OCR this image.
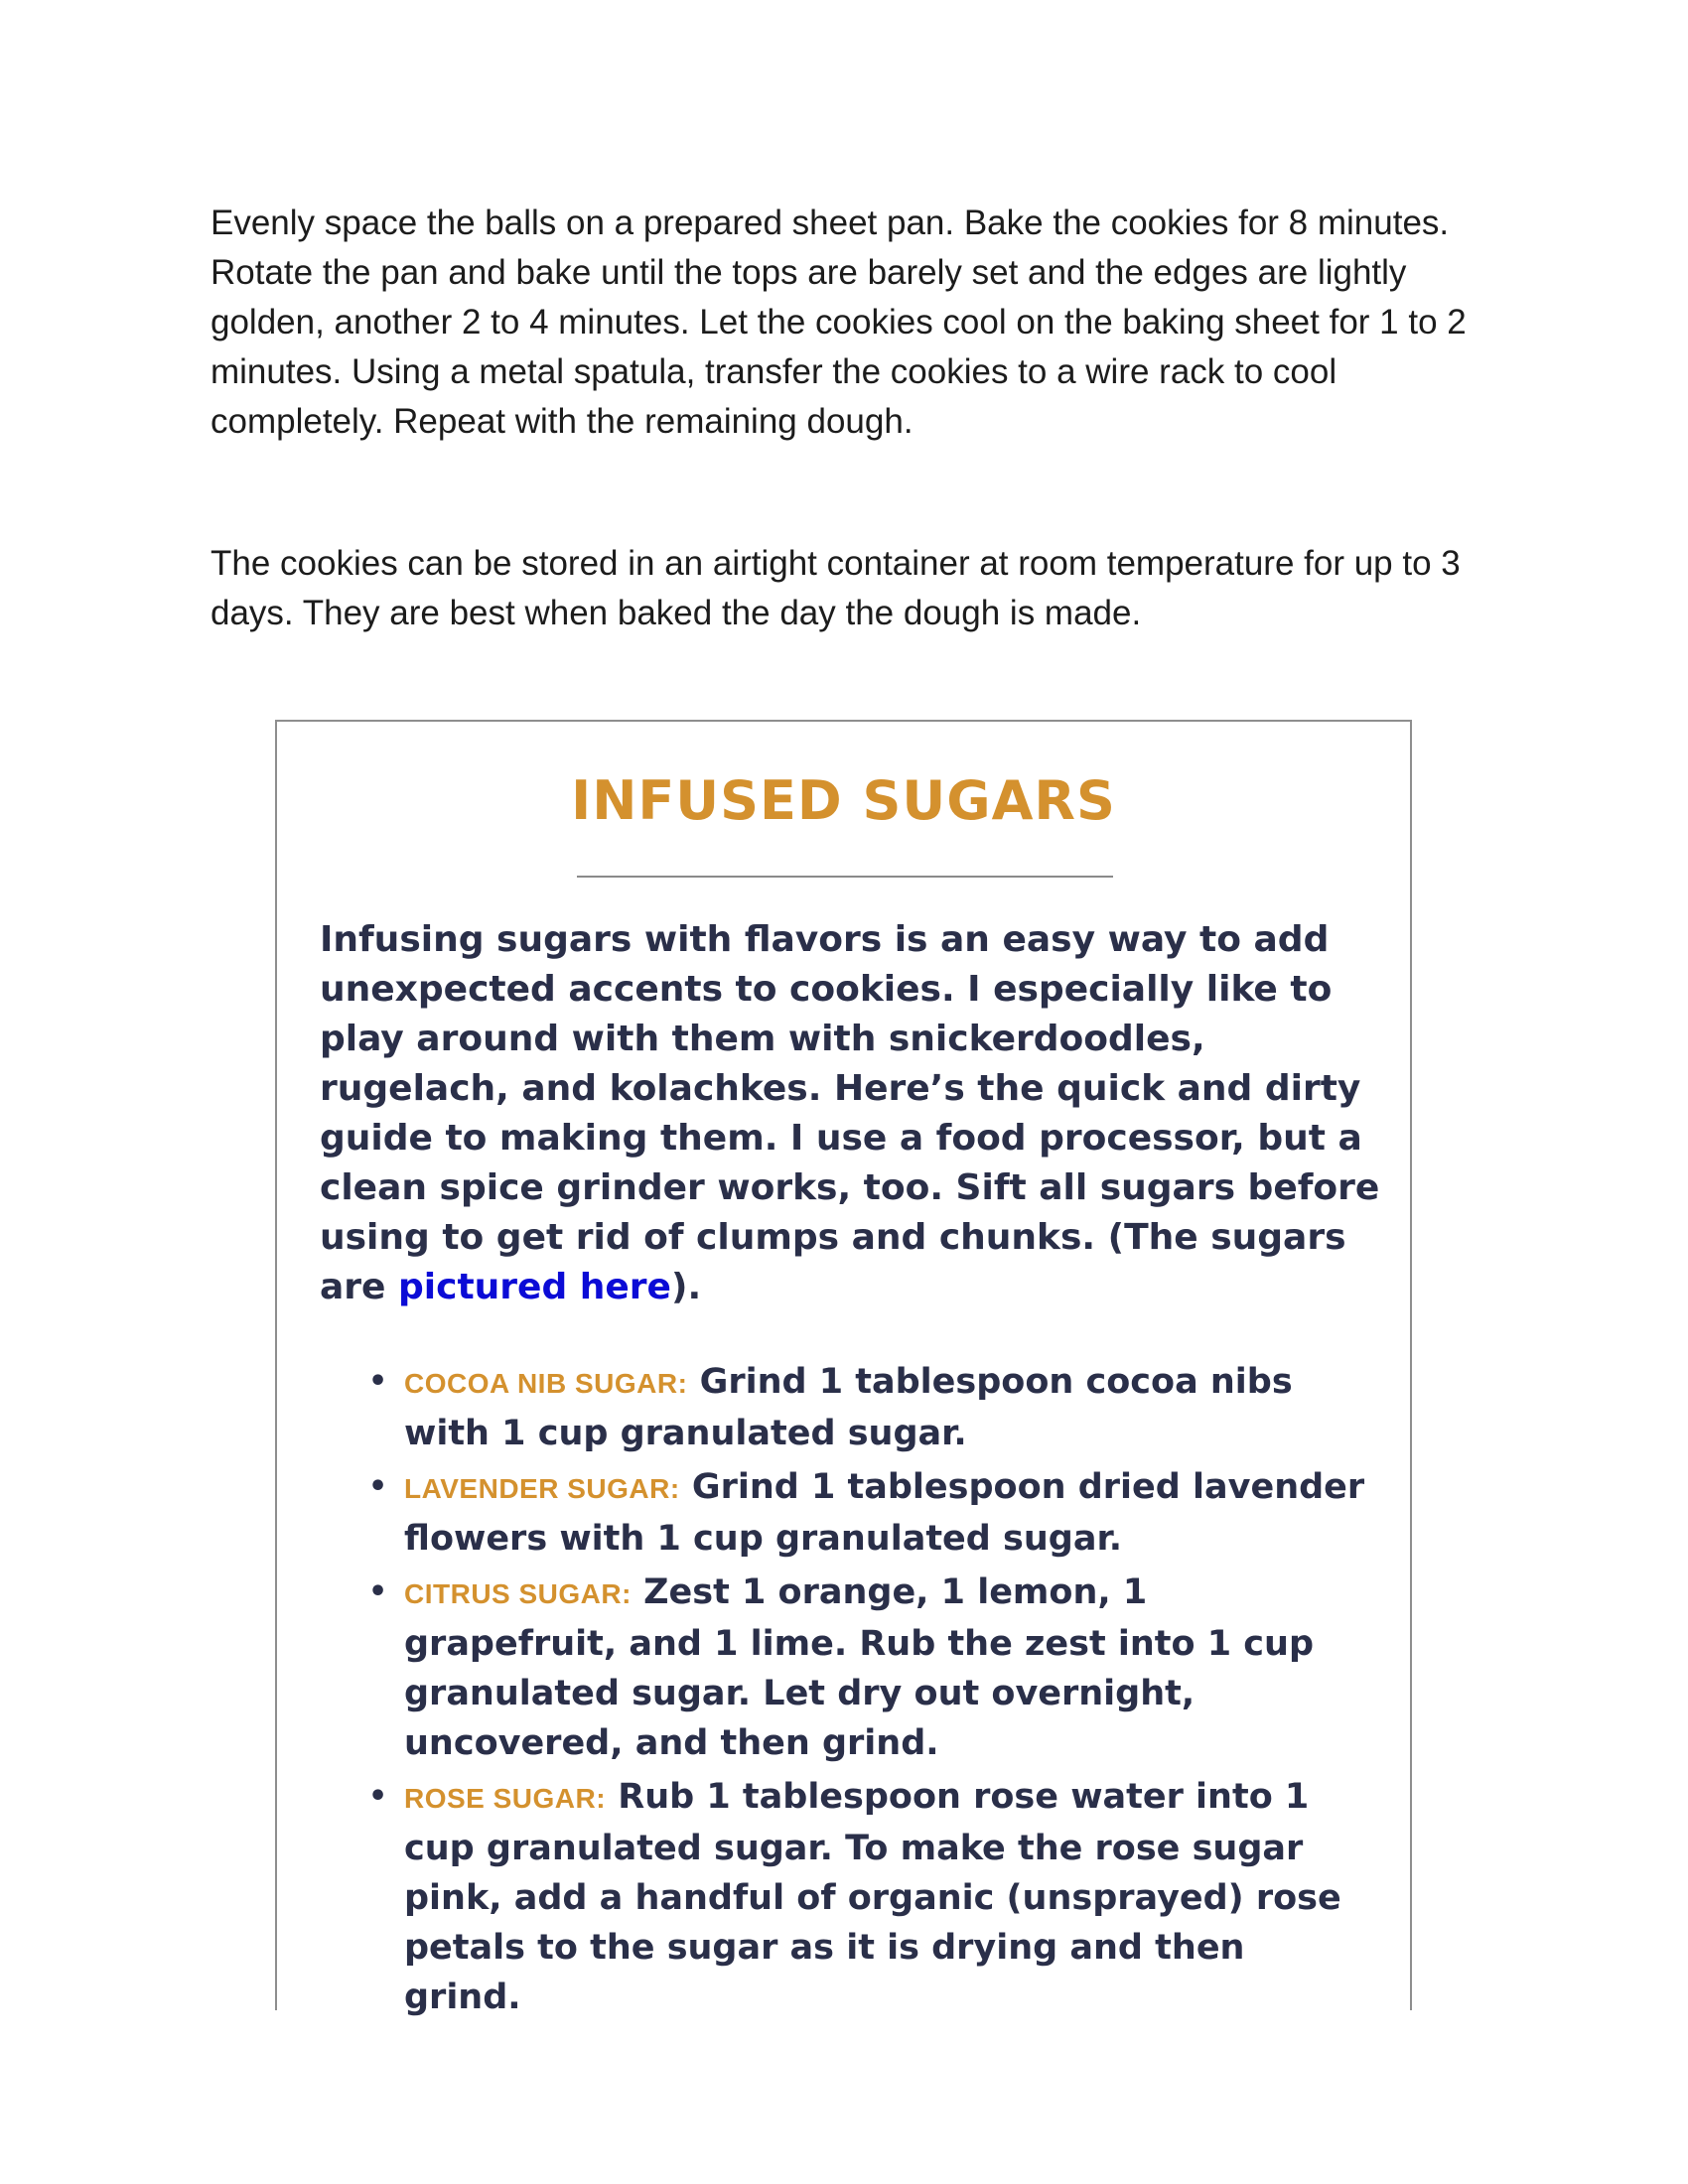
Evenly space the balls on a prepared sheet pan. Bake the cookies for 8 minutes. Rotate the pan and bake until the tops are barely set and the edges are lightly golden, another 2 to 4 minutes. Let the cookies cool on the baking sheet for 1 to 2 minutes. Using a metal spatula, transfer the cookies to a wire rack to cool completely. Repeat with the remaining dough.

The cookies can be stored in an airtight container at room temperature for up to 3 days. They are best when baked the day the dough is made.

INFUSED SUGARS

Infusing sugars with flavors is an easy way to add unexpected accents to cookies. I especially like to play around with them with snickerdoodles, rugelach, and kolachkes. Here’s the quick and dirty guide to making them. I use a food processor, but a clean spice grinder works, too. Sift all sugars before using to get rid of clumps and chunks. (The sugars are pictured here).

• COCOA NIB SUGAR: Grind 1 tablespoon cocoa nibs with 1 cup granulated sugar.
• LAVENDER SUGAR: Grind 1 tablespoon dried lavender flowers with 1 cup granulated sugar.
• CITRUS SUGAR: Zest 1 orange, 1 lemon, 1 grapefruit, and 1 lime. Rub the zest into 1 cup granulated sugar. Let dry out overnight, uncovered, and then grind.
• ROSE SUGAR: Rub 1 tablespoon rose water into 1 cup granulated sugar. To make the rose sugar pink, add a handful of organic (unsprayed) rose petals to the sugar as it is drying and then grind.
